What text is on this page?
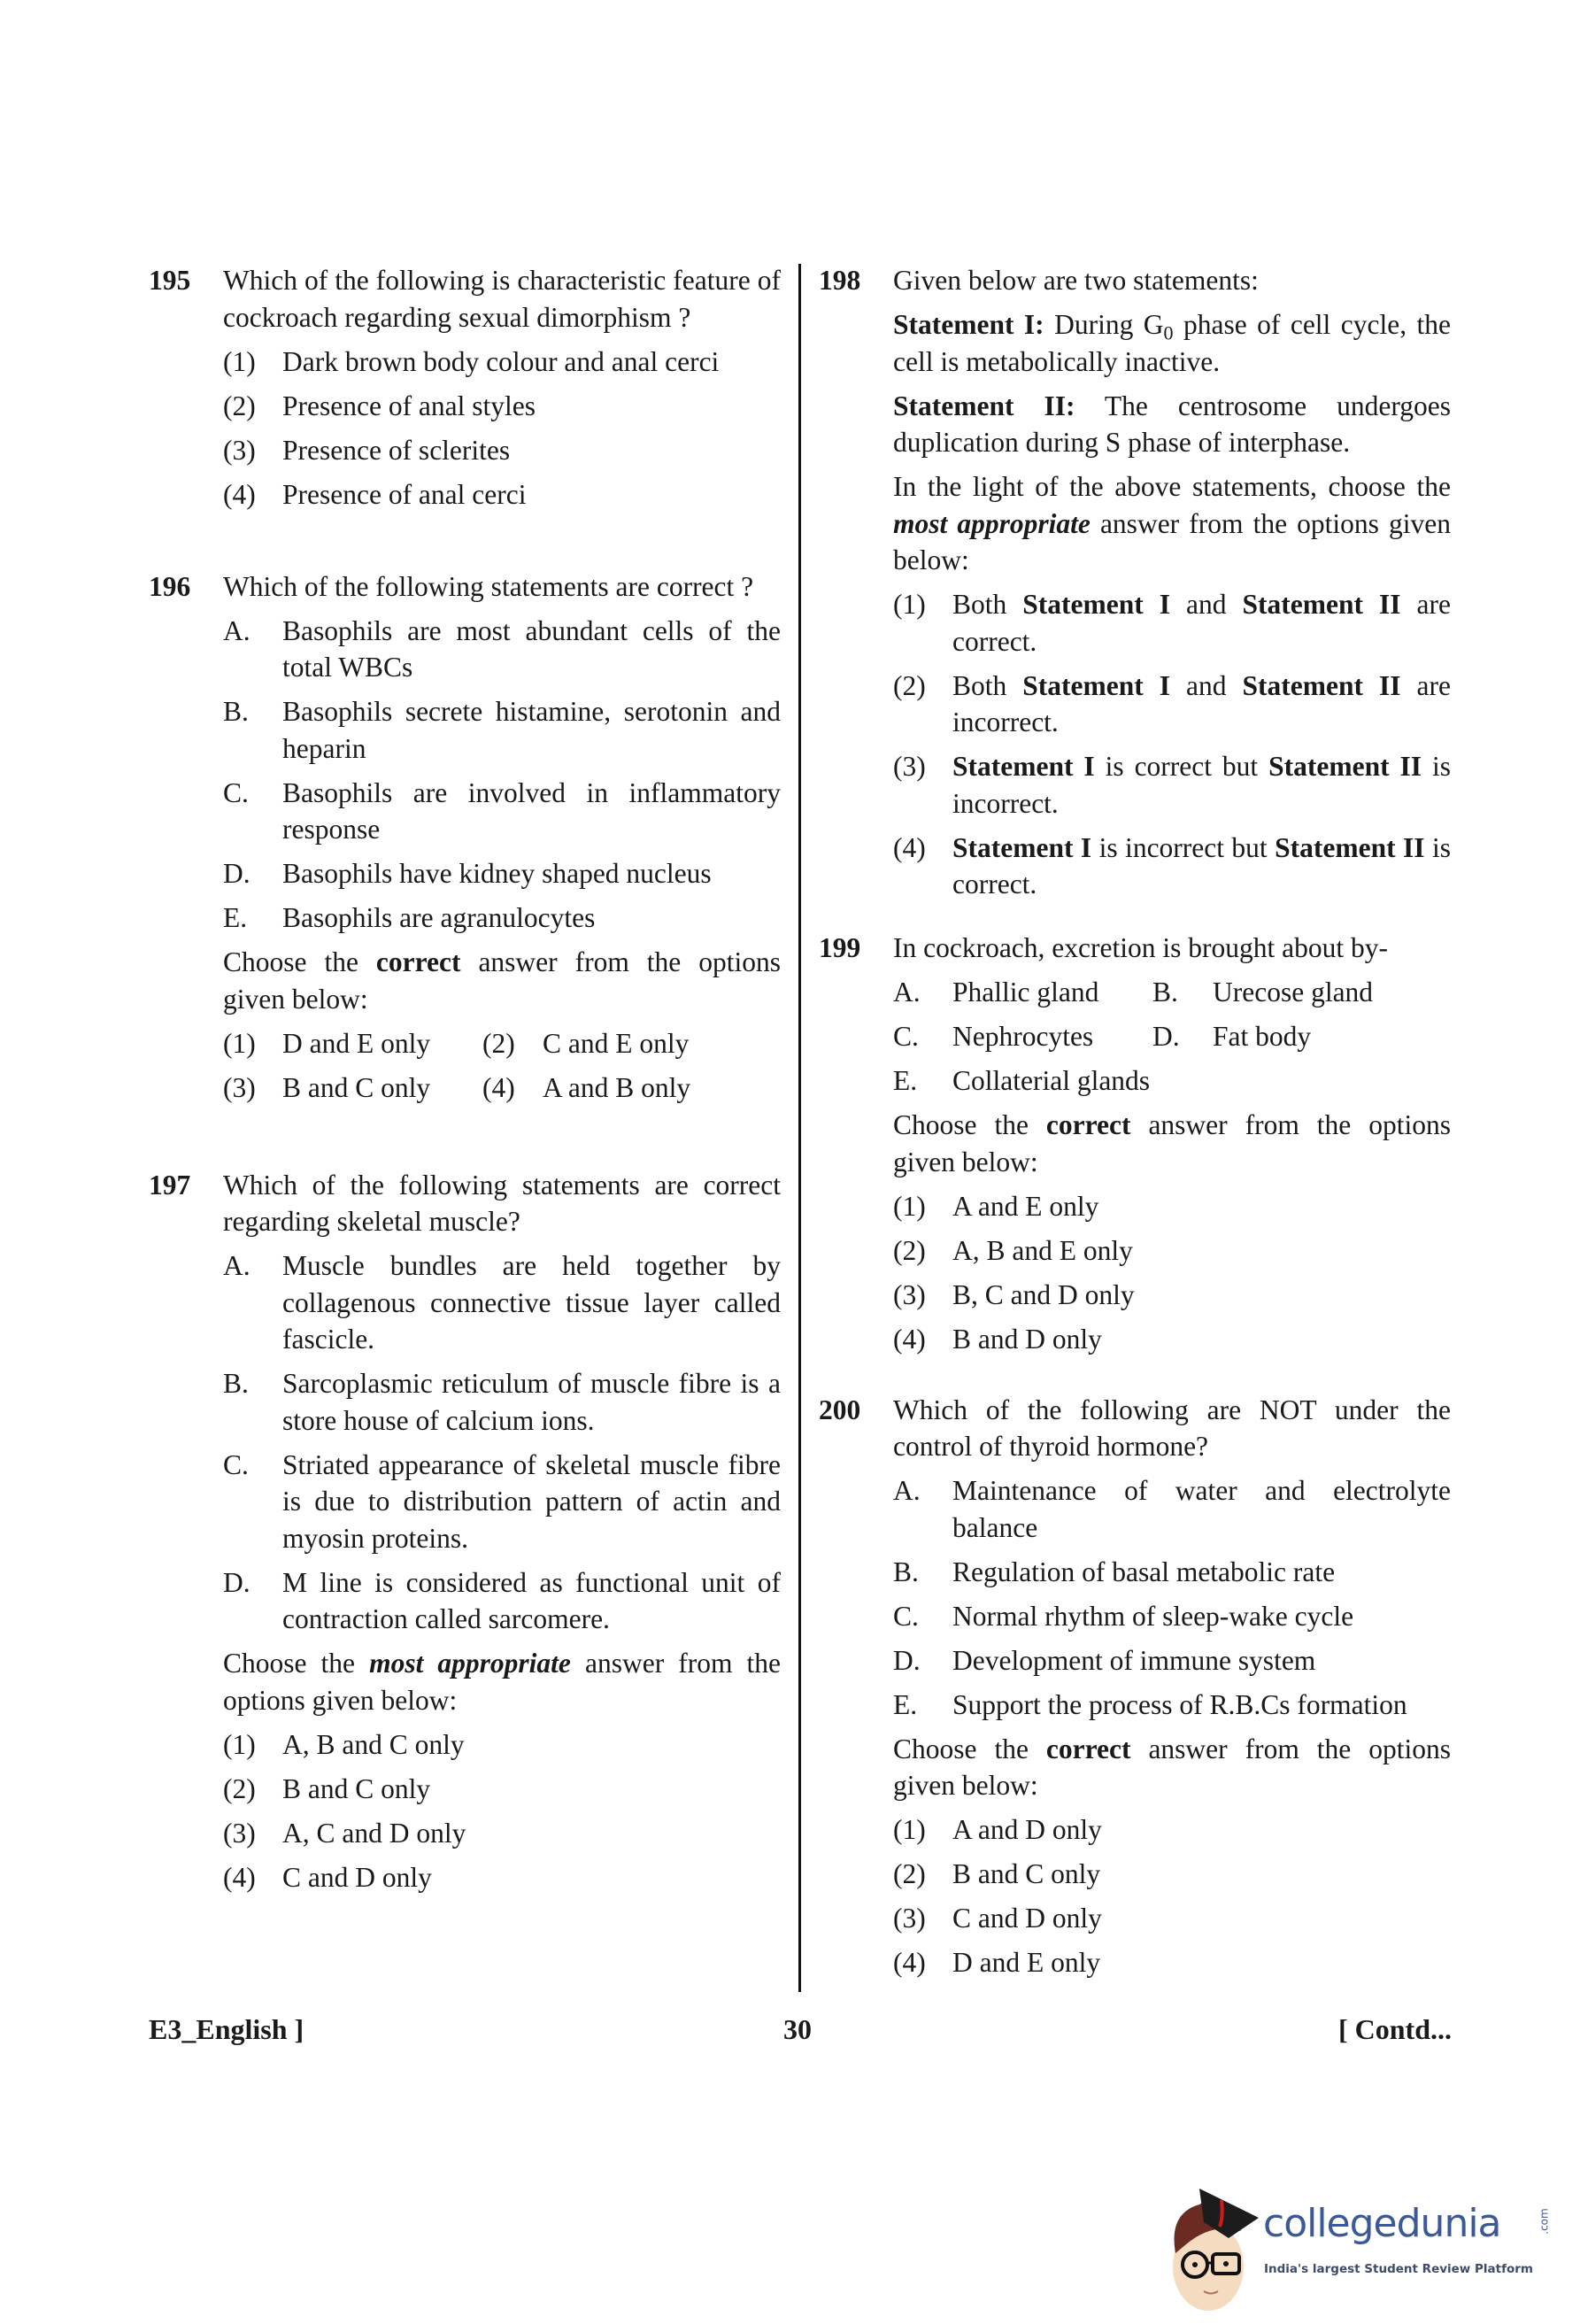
195 Which of the following is characteristic feature of cockroach regarding sexual dimorphism ?

(1) Dark brown body colour and anal cerci
(2) Presence of anal styles
(3) Presence of sclerites
(4) Presence of anal cerci
196 Which of the following statements are correct ?

A.	Basophils are most abundant cells of the total WBCs
B.	Basophils secrete histamine, serotonin and heparin
C.	Basophils are involved in inflammatory response
D.	Basophils have kidney shaped nucleus
E.	Basophils are agranulocytes

Choose the correct answer from the options given below:

(1) D and E only (2) C and E only
(3) B and C only (4) A and B only
197 Which of the following statements are correct regarding skeletal muscle?

A.	Muscle bundles are held together by collagenous connective tissue layer called fascicle.
B.	Sarcoplasmic reticulum of muscle fibre is a store house of calcium ions.
C.	Striated appearance of skeletal muscle fibre is due to distribution pattern of actin and myosin proteins.
D.	M line is considered as functional unit of contraction called sarcomere.

Choose the most appropriate answer from the options given below:

(1) A, B and C only
(2) B and C only
(3) A, C and D only
(4) C and D only
198 Given below are two statements:

Statement I: During $G_0$ phase of cell cycle, the cell is metabolically inactive.

Statement II: The centrosome undergoes duplication during S phase of interphase.

In the light of the above statements, choose the most appropriate answer from the options given below:

(1) Both Statement I and Statement II are correct.
(2) Both Statement I and Statement II are incorrect.
(3) Statement I is correct but Statement II is incorrect.
(4) Statement I is incorrect but Statement II is correct.
199 In cockroach, excretion is brought about by-

A.	Phallic gland B.	Urecose gland
C.	Nephrocytes D.	Fat body
E.	Collaterial glands

Choose the correct answer from the options given below:

(1) A and E only
(2) A, B and E only
(3) B, C and D only
(4) B and D only
200 Which of the following are NOT under the control of thyroid hormone?

A.	Maintenance of water and electrolyte balance
B.	Regulation of basal metabolic rate
C.	Normal rhythm of sleep-wake cycle
D.	Development of immune system
E.	Support the process of R.B.Cs formation

Choose the correct answer from the options given below:

(1) A and D only
(2) B and C only
(3) C and D only
(4) D and E only
E3_English ]	30	[ Contd...
collegedunia	.com
India's largest Student Review Platform
